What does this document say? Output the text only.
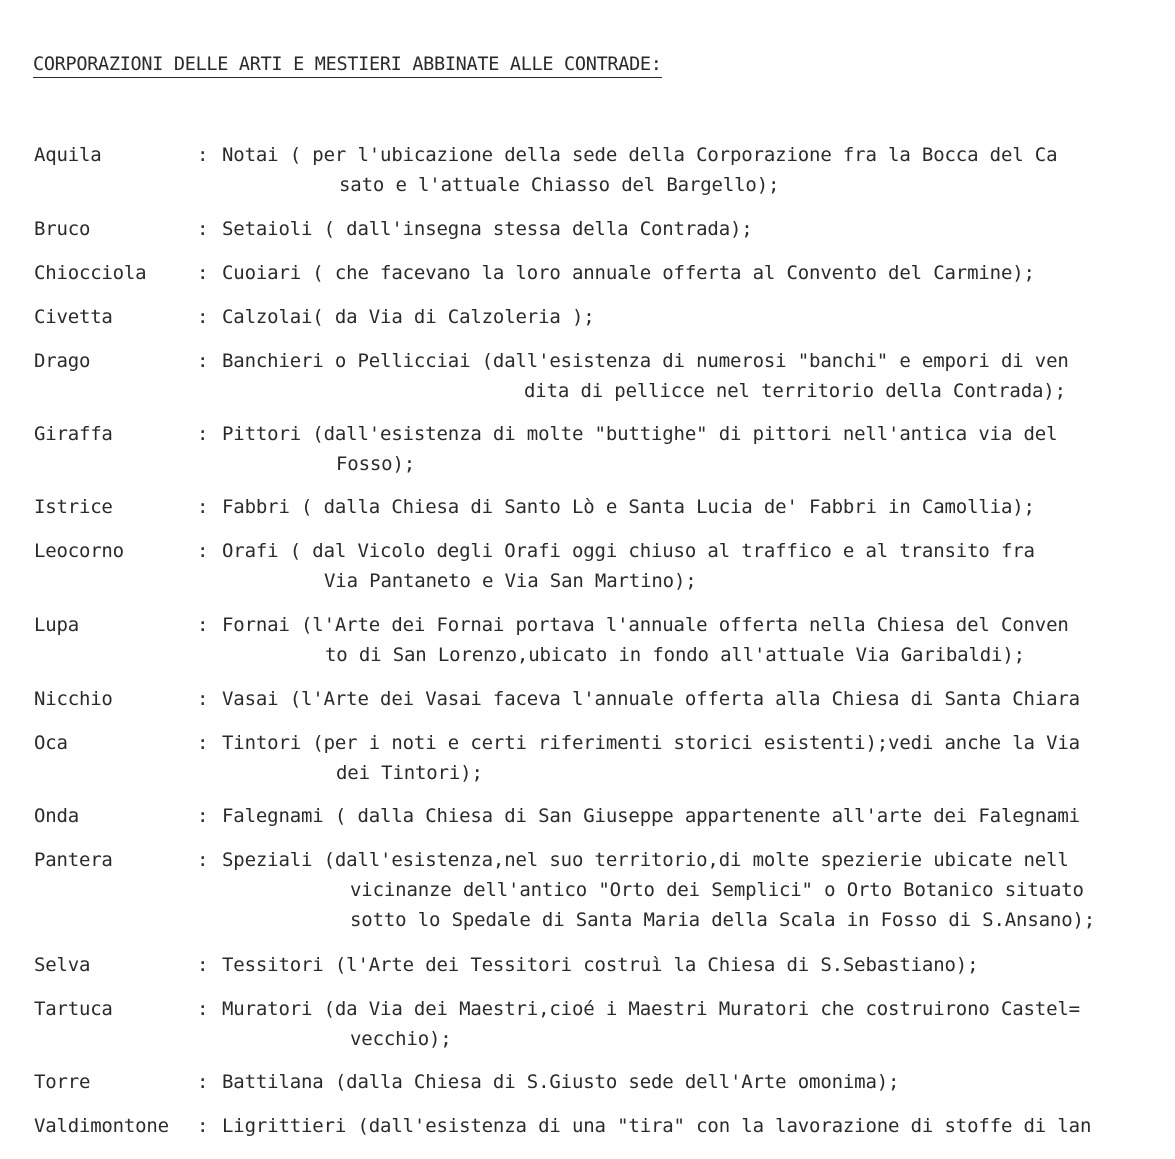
CORPORAZIONI DELLE ARTI E MESTIERI ABBINATE ALLE CONTRADE:
Aquila	: Notai ( per l'ubicazione della sede della Corporazione fra la Bocca del Ca
sato e l'attuale Chiasso del Bargello);
Bruco	: Setaioli ( dall'insegna stessa della Contrada);
Chiocciola	: Cuoiari ( che facevano la loro annuale offerta al Convento del Carmine);
Civetta	: Calzolai( da Via di Calzoleria );
Drago	: Banchieri o Pellicciai (dall'esistenza di numerosi "banchi" e empori di ven
dita di pellicce nel territorio della Contrada);
Giraffa	: Pittori (dall'esistenza di molte "buttighe" di pittori nell'antica via del
Fosso);
Istrice	: Fabbri ( dalla Chiesa di Santo Lò e Santa Lucia de' Fabbri in Camollia);
Leocorno	: Orafi ( dal Vicolo degli Orafi oggi chiuso al traffico e al transito fra
Via Pantaneto e Via San Martino);
Lupa	: Fornai (l'Arte dei Fornai portava l'annuale offerta nella Chiesa del Conven
to di San Lorenzo,ubicato in fondo all'attuale Via Garibaldi);
Nicchio	: Vasai (l'Arte dei Vasai faceva l'annuale offerta alla Chiesa di Santa Chiara
Oca	: Tintori (per i noti e certi riferimenti storici esistenti);vedi anche la Via
dei Tintori);
Onda	: Falegnami ( dalla Chiesa di San Giuseppe appartenente all'arte dei Falegnami
Pantera	: Speziali (dall'esistenza,nel suo territorio,di molte spezierie ubicate nell
vicinanze dell'antico "Orto dei Semplici" o Orto Botanico situato
sotto lo Spedale di Santa Maria della Scala in Fosso di S.Ansano);
Selva	: Tessitori (l'Arte dei Tessitori costruì la Chiesa di S.Sebastiano);
Tartuca	: Muratori (da Via dei Maestri,cioé i Maestri Muratori che costruirono Castel=
vecchio);
Torre	: Battilana (dalla Chiesa di S.Giusto sede dell'Arte omonima);
Valdimontone : Ligrittieri (dall'esistenza di una "tira" con la lavorazione di stoffe di lan
